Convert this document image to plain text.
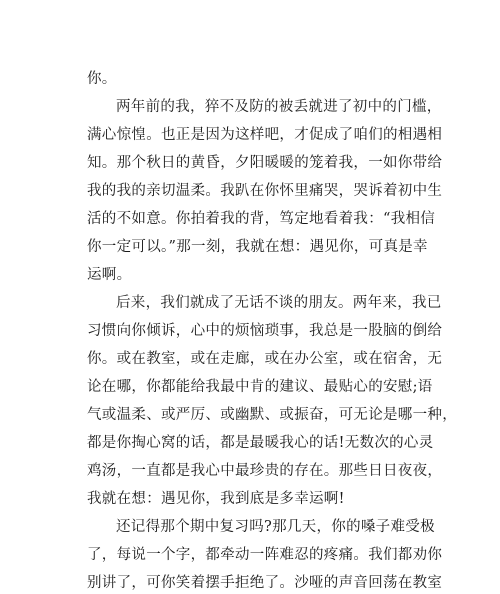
你。
两年前的我，猝不及防的被丢就进了初中的门槛，
满心惊惶。也正是因为这样吧，才促成了咱们的相遇相
知。那个秋日的黄昏，夕阳暖暖的笼着我，一如你带给
我的我的亲切温柔。我趴在你怀里痛哭，哭诉着初中生
活的不如意。你拍着我的背，笃定地看着我：“我相信
你一定可以。”那一刻，我就在想：遇见你，可真是幸
运啊。
后来，我们就成了无话不谈的朋友。两年来，我已
习惯向你倾诉，心中的烦恼琐事，我总是一股脑的倒给
你。或在教室，或在走廊，或在办公室，或在宿舍，无
论在哪，你都能给我最中肯的建议、最贴心的安慰;语
气或温柔、或严厉、或幽默、或振奋，可无论是哪一种，
都是你掏心窝的话，都是最暖我心的话!无数次的心灵
鸡汤，一直都是我心中最珍贵的存在。那些日日夜夜，
我就在想：遇见你，我到底是多幸运啊!
还记得那个期中复习吗?那几天，你的嗓子难受极
了，每说一个字，都牵动一阵难忍的疼痛。我们都劝你
别讲了，可你笑着摆手拒绝了。沙哑的声音回荡在教室
